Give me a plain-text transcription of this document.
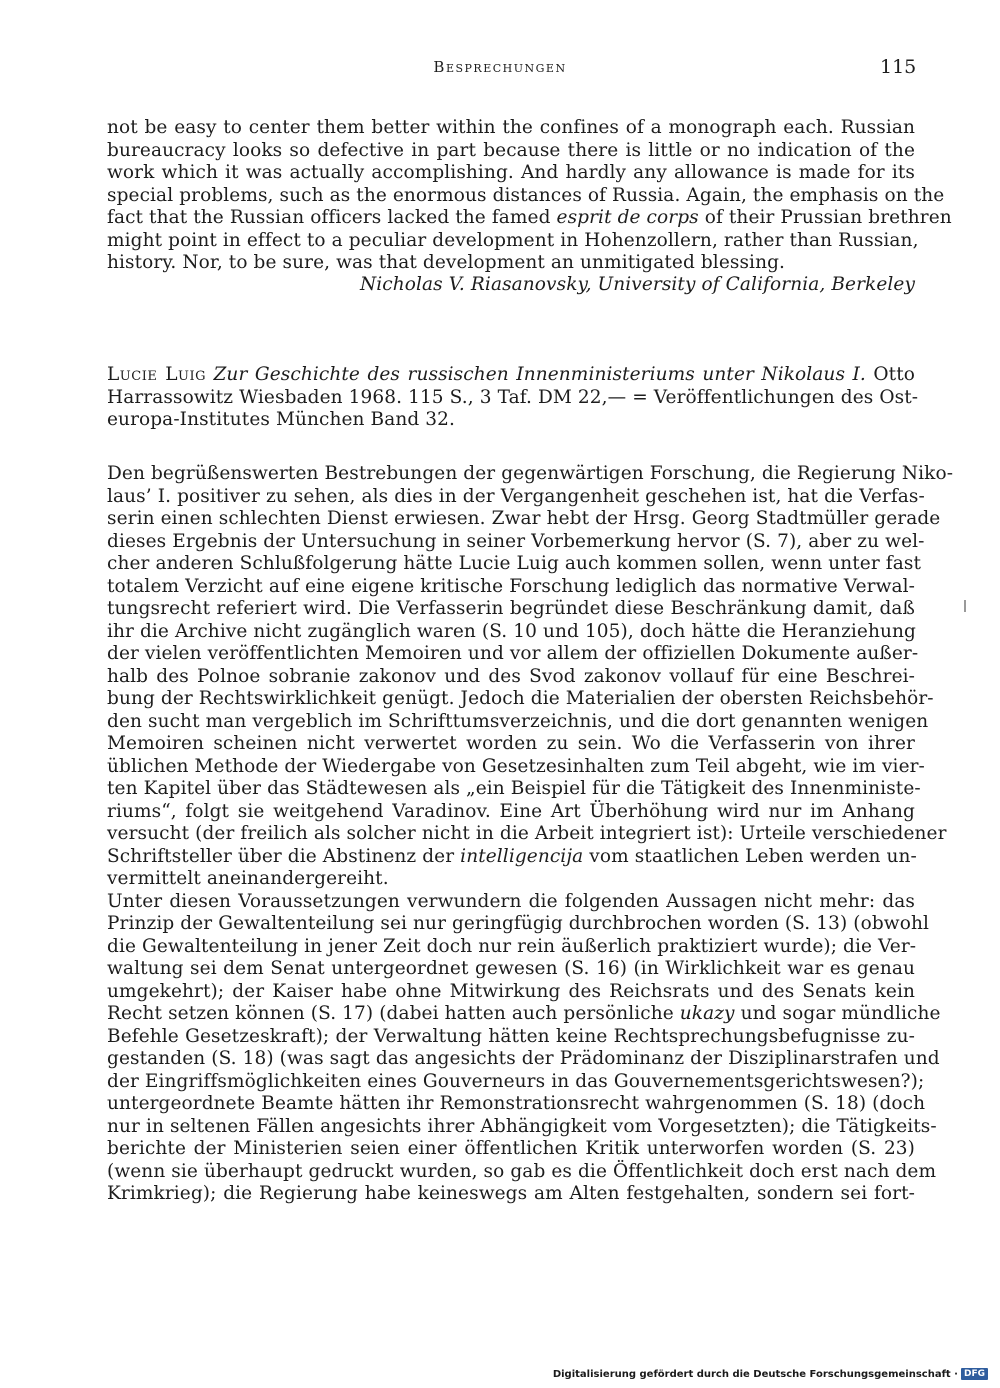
Besprechungen	115
not be easy to center them better within the confines of a monograph each. Russian
bureaucracy looks so defective in part because there is little or no indication of the
work which it was actually accomplishing. And hardly any allowance is made for its
special problems, such as the enormous distances of Russia. Again, the emphasis on the
fact that the Russian officers lacked the famed esprit de corps of their Prussian brethren
might point in effect to a peculiar development in Hohenzollern, rather than Russian,
history. Nor, to be sure, was that development an unmitigated blessing.
Nicholas V. Riasanovsky, University of California, Berkeley
Lucie Luig Zur Geschichte des russischen Innenministeriums unter Nikolaus I. Otto
Harrassowitz Wiesbaden 1968. 115 S., 3 Taf. DM 22,— = Veröffentlichungen des Ost-
europa-Institutes München Band 32.
Den begrüßenswerten Bestrebungen der gegenwärtigen Forschung, die Regierung Niko-
laus’ I. positiver zu sehen, als dies in der Vergangenheit geschehen ist, hat die Verfas-
serin einen schlechten Dienst erwiesen. Zwar hebt der Hrsg. Georg Stadtmüller gerade
dieses Ergebnis der Untersuchung in seiner Vorbemerkung hervor (S. 7), aber zu wel-
cher anderen Schlußfolgerung hätte Lucie Luig auch kommen sollen, wenn unter fast
totalem Verzicht auf eine eigene kritische Forschung lediglich das normative Verwal-
tungsrecht referiert wird. Die Verfasserin begründet diese Beschränkung damit, daß
ihr die Archive nicht zugänglich waren (S. 10 und 105), doch hätte die Heranziehung
der vielen veröffentlichten Memoiren und vor allem der offiziellen Dokumente außer-
halb des Polnoe sobranie zakonov und des Svod zakonov vollauf für eine Beschrei-
bung der Rechtswirklichkeit genügt. Jedoch die Materialien der obersten Reichsbehör-
den sucht man vergeblich im Schrifttumsverzeichnis, und die dort genannten wenigen
Memoiren scheinen nicht verwertet worden zu sein. Wo die Verfasserin von ihrer
üblichen Methode der Wiedergabe von Gesetzesinhalten zum Teil abgeht, wie im vier-
ten Kapitel über das Städtewesen als „ein Beispiel für die Tätigkeit des Innenministe-
riums“, folgt sie weitgehend Varadinov. Eine Art Überhöhung wird nur im Anhang
versucht (der freilich als solcher nicht in die Arbeit integriert ist): Urteile verschiedener
Schriftsteller über die Abstinenz der intelligencija vom staatlichen Leben werden un-
vermittelt aneinandergereiht.
Unter diesen Voraussetzungen verwundern die folgenden Aussagen nicht mehr: das
Prinzip der Gewaltenteilung sei nur geringfügig durchbrochen worden (S. 13) (obwohl
die Gewaltenteilung in jener Zeit doch nur rein äußerlich praktiziert wurde); die Ver-
waltung sei dem Senat untergeordnet gewesen (S. 16) (in Wirklichkeit war es genau
umgekehrt); der Kaiser habe ohne Mitwirkung des Reichsrats und des Senats kein
Recht setzen können (S. 17) (dabei hatten auch persönliche ukazy und sogar mündliche
Befehle Gesetzeskraft); der Verwaltung hätten keine Rechtsprechungsbefugnisse zu-
gestanden (S. 18) (was sagt das angesichts der Prädominanz der Disziplinarstrafen und
der Eingriffsmöglichkeiten eines Gouverneurs in das Gouvernementsgerichtswesen?);
untergeordnete Beamte hätten ihr Remonstrationsrecht wahrgenommen (S. 18) (doch
nur in seltenen Fällen angesichts ihrer Abhängigkeit vom Vorgesetzten); die Tätigkeits-
berichte der Ministerien seien einer öffentlichen Kritik unterworfen worden (S. 23)
(wenn sie überhaupt gedruckt wurden, so gab es die Öffentlichkeit doch erst nach dem
Krimkrieg); die Regierung habe keineswegs am Alten festgehalten, sondern sei fort-
Digitalisierung gefördert durch die Deutsche Forschungsgemeinschaft · DFG
